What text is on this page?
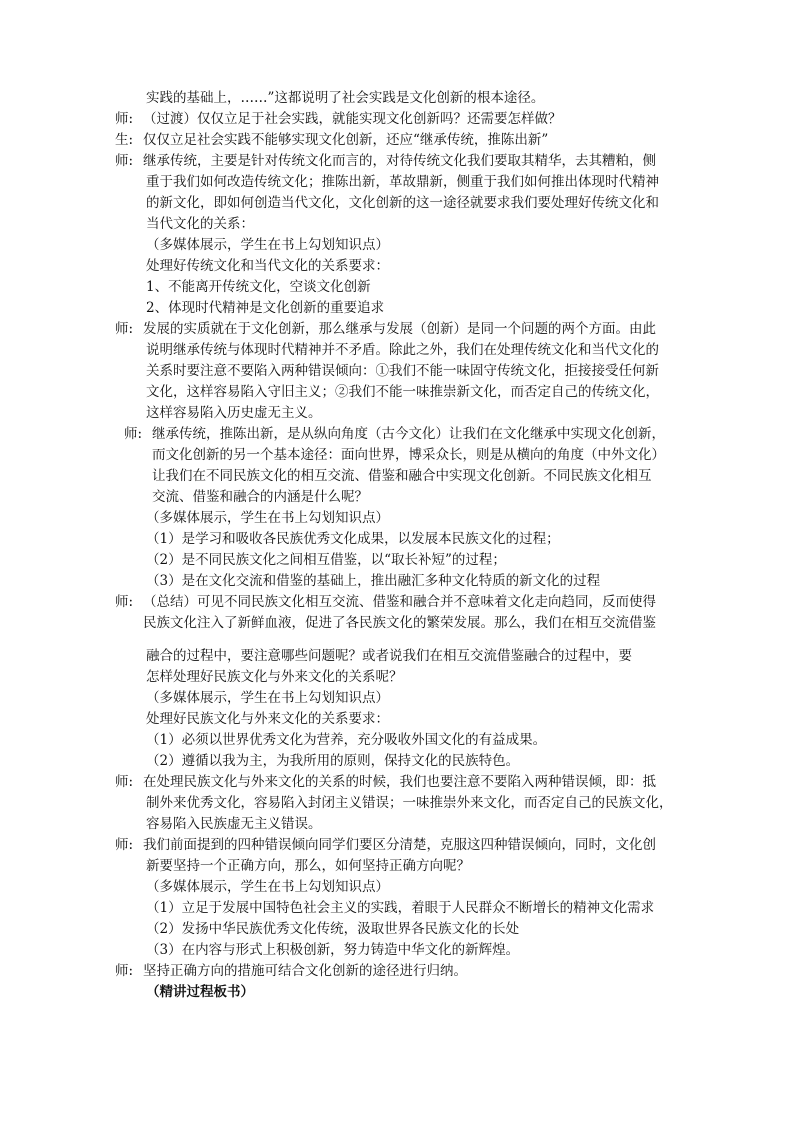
实践的基础上，……”这都说明了社会实践是文化创新的根本途径。
师: （过渡）仅仅立足于社会实践，就能实现文化创新吗？还需要怎样做？
生: 仅仅立足社会实践不能够实现文化创新，还应“继承传统，推陈出新”
师: 继承传统，主要是针对传统文化而言的，对待传统文化我们要取其精华，去其糟粕，侧
重于我们如何改造传统文化；推陈出新，革故鼎新，侧重于我们如何推出体现时代精神
的新文化，即如何创造当代文化，文化创新的这一途径就要求我们要处理好传统文化和
当代文化的关系：
（多媒体展示，学生在书上勾划知识点）
处理好传统文化和当代文化的关系要求：
1、不能离开传统文化，空谈文化创新
2、体现时代精神是文化创新的重要追求
师: 发展的实质就在于文化创新，那么继承与发展（创新）是同一个问题的两个方面。由此
说明继承传统与体现时代精神并不矛盾。除此之外，我们在处理传统文化和当代文化的
关系时要注意不要陷入两种错误倾向：①我们不能一味固守传统文化，拒接接受任何新
文化，这样容易陷入守旧主义；②我们不能一味推崇新文化，而否定自己的传统文化，
这样容易陷入历史虚无主义。
师: 继承传统，推陈出新，是从纵向角度（古今文化）让我们在文化继承中实现文化创新，
而文化创新的另一个基本途径：面向世界，博采众长，则是从横向的角度（中外文化）
让我们在不同民族文化的相互交流、借鉴和融合中实现文化创新。不同民族文化相互
交流、借鉴和融合的内涵是什么呢？
（多媒体展示，学生在书上勾划知识点）
（1）是学习和吸收各民族优秀文化成果，以发展本民族文化的过程；
（2）是不同民族文化之间相互借鉴，以“取长补短”的过程；
（3）是在文化交流和借鉴的基础上，推出融汇多种文化特质的新文化的过程
师: （总结）可见不同民族文化相互交流、借鉴和融合并不意味着文化走向趋同，反而使得
民族文化注入了新鲜血液，促进了各民族文化的繁荣发展。那么，我们在相互交流借鉴
融合的过程中，要注意哪些问题呢？或者说我们在相互交流借鉴融合的过程中，要
怎样处理好民族文化与外来文化的关系呢？
（多媒体展示，学生在书上勾划知识点）
处理好民族文化与外来文化的关系要求：
（1）必须以世界优秀文化为营养，充分吸收外国文化的有益成果。
（2）遵循以我为主，为我所用的原则，保持文化的民族特色。
师: 在处理民族文化与外来文化的关系的时候，我们也要注意不要陷入两种错误倾，即：抵
制外来优秀文化，容易陷入封闭主义错误；一味推崇外来文化，而否定自己的民族文化，
容易陷入民族虚无主义错误。
师: 我们前面提到的四种错误倾向同学们要区分清楚，克服这四种错误倾向，同时，文化创
新要坚持一个正确方向，那么，如何坚持正确方向呢？
（多媒体展示，学生在书上勾划知识点）
（1）立足于发展中国特色社会主义的实践，着眼于人民群众不断增长的精神文化需求
（2）发扬中华民族优秀文化传统，汲取世界各民族文化的长处
（3）在内容与形式上积极创新，努力铸造中华文化的新辉煌。
师: 坚持正确方向的措施可结合文化创新的途径进行归纳。
（精讲过程板书）
